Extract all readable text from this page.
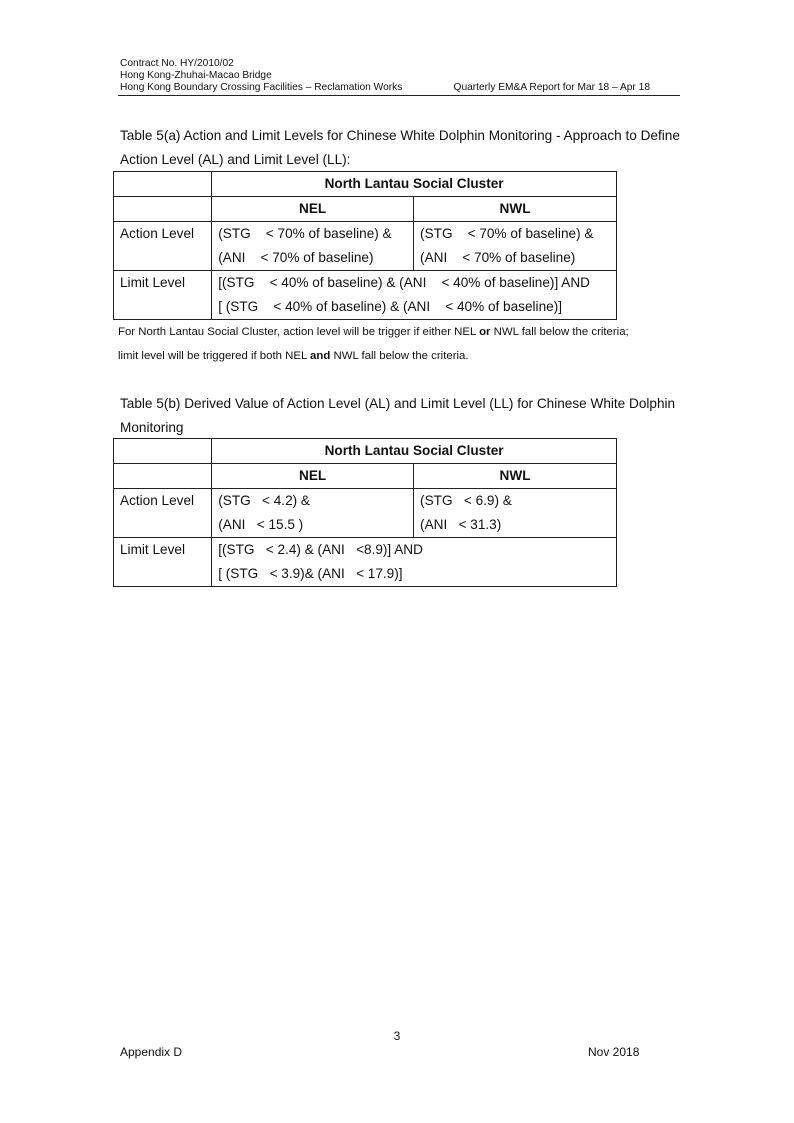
Contract No. HY/2010/02
Hong Kong-Zhuhai-Macao Bridge
Hong Kong Boundary Crossing Facilities – Reclamation Works	Quarterly EM&A Report for Mar 18 – Apr 18
Table 5(a) Action and Limit Levels for Chinese White Dolphin Monitoring - Approach to Define
Action Level (AL) and Limit Level (LL):
	North Lantau Social Cluster	
	NEL	NWL
Action Level	(STG    < 70% of baseline) &
(ANI    < 70% of baseline)	(STG    < 70% of baseline) &
(ANI    < 70% of baseline)

Limit Level	[(STG    < 40% of baseline) & (ANI    < 40% of baseline)] AND
[ (STG    < 40% of baseline) & (ANI    < 40% of baseline)]	
For North Lantau Social Cluster, action level will be trigger if either NEL or NWL fall below the criteria;
limit level will be triggered if both NEL and NWL fall below the criteria.
Table 5(b) Derived Value of Action Level (AL) and Limit Level (LL) for Chinese White Dolphin
Monitoring
	North Lantau Social Cluster	
	NEL	NWL
Action Level	(STG   < 4.2) &
(ANI   < 15.5 )	(STG   < 6.9) &
(ANI   < 31.3)

Limit Level	[(STG   < 2.4) & (ANI   <8.9)] AND
[ (STG   < 3.9)& (ANI   < 17.9)]	
3
Appendix D	Nov 2018
